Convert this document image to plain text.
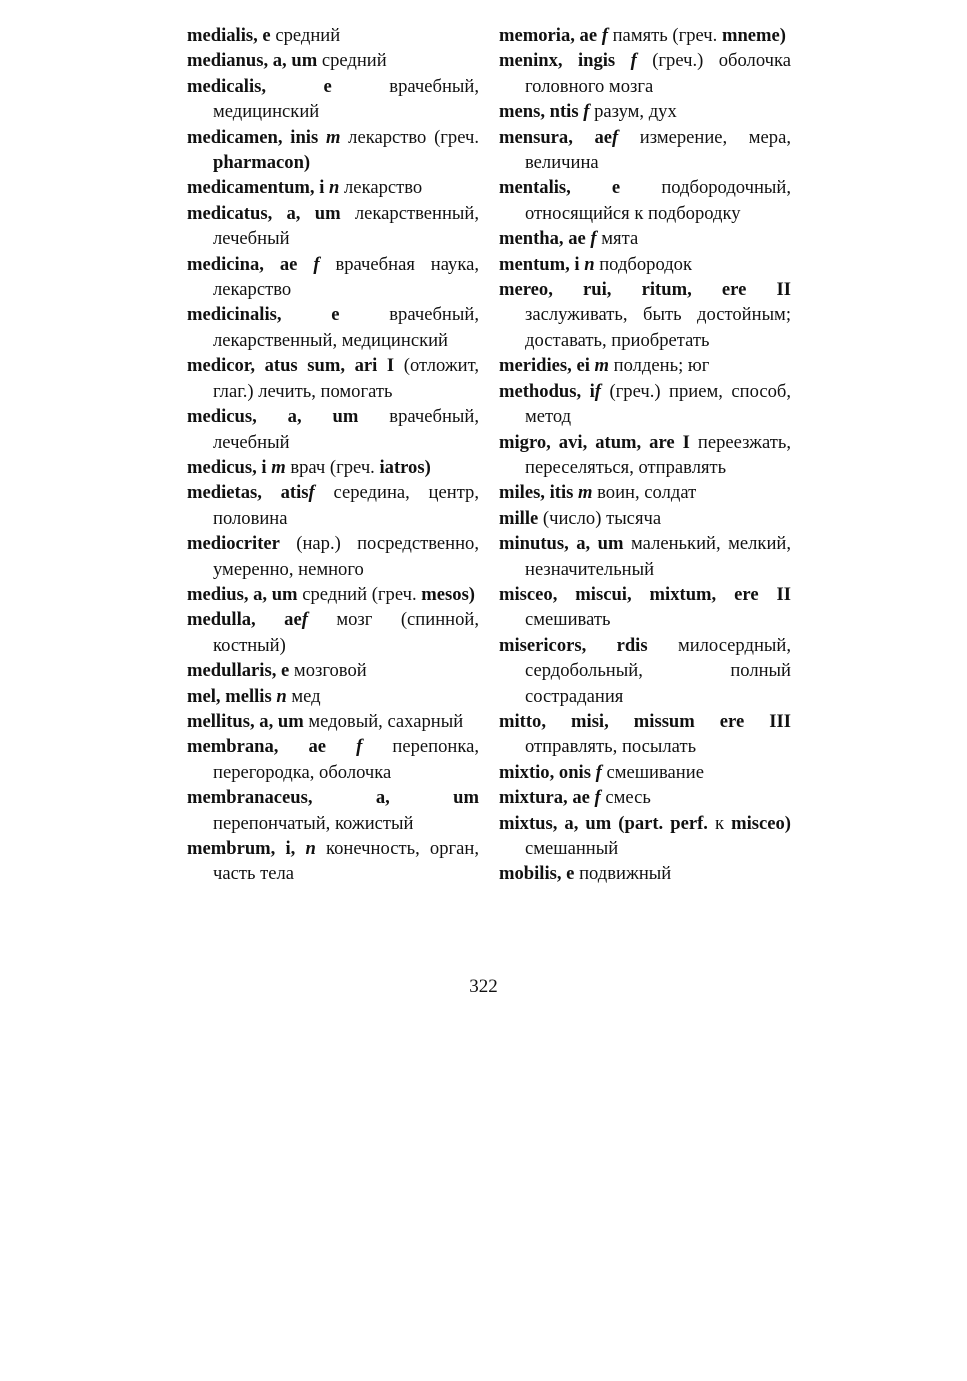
medialis, e средний

medianus, a, um средний

medicalis, e	врачебный, медицинский

medicamen, inis m лекарство (греч. pharmacon)

medicamentum, i n лекарство

medicatus, a, um лекарственный, лечебный

medicina, ae f врачебная наука, лекарство

medicinalis, e	врачебный, лекарственный, медицинский

medicor, atus sum, ari I (отложит, глаг.) лечить, помогать

medicus, a, um врачебный, лечебный

medicus, i m врач (греч. iatros)

medietas, atisf середина, центр, половина

mediocriter (нар.) посредственно, умеренно, немного

medius, a, um средний (греч. mesos)

medulla, aef мозг (спинной, костный)

medullaris, e мозговой

mel, mellis n мед

mellitus, a, um медовый, сахарный

membrana, ae f перепонка, перегородка, оболочка

membranaceus, a, um перепончатый, кожистый

membrum, i, n конечность, орган, часть тела

memoria, ae f память (греч. mneme)

meninx, ingis f (греч.) оболочка головного мозга

mens, ntis f разум, дух

mensura, aef измерение, мера, величина

mentalis, e подбородочный, относящийся к подбородку

mentha, ae f мята

mentum, i n подбородок

mereo, rui, ritum, ere II заслуживать, быть достойным; доставать, приобретать

meridies, ei m полдень; юг

methodus, if (греч.) прием, способ, метод

migro, avi, atum, are I переезжать, переселяться, отправлять

miles, itis m воин, солдат

mille (число) тысяча

minutus, a, um маленький, мелкий, незначительный

misceo, miscui, mixtum, ere II смешивать

misericors, rdis милосердный, сердобольный, полный сострадания

mitto, misi, missum ere III отправлять, посылать

mixtio, onis f смешивание

mixtura, ae f смесь

mixtus, a, um (part. perf. к misceo) смешанный

mobilis, e подвижный

322
